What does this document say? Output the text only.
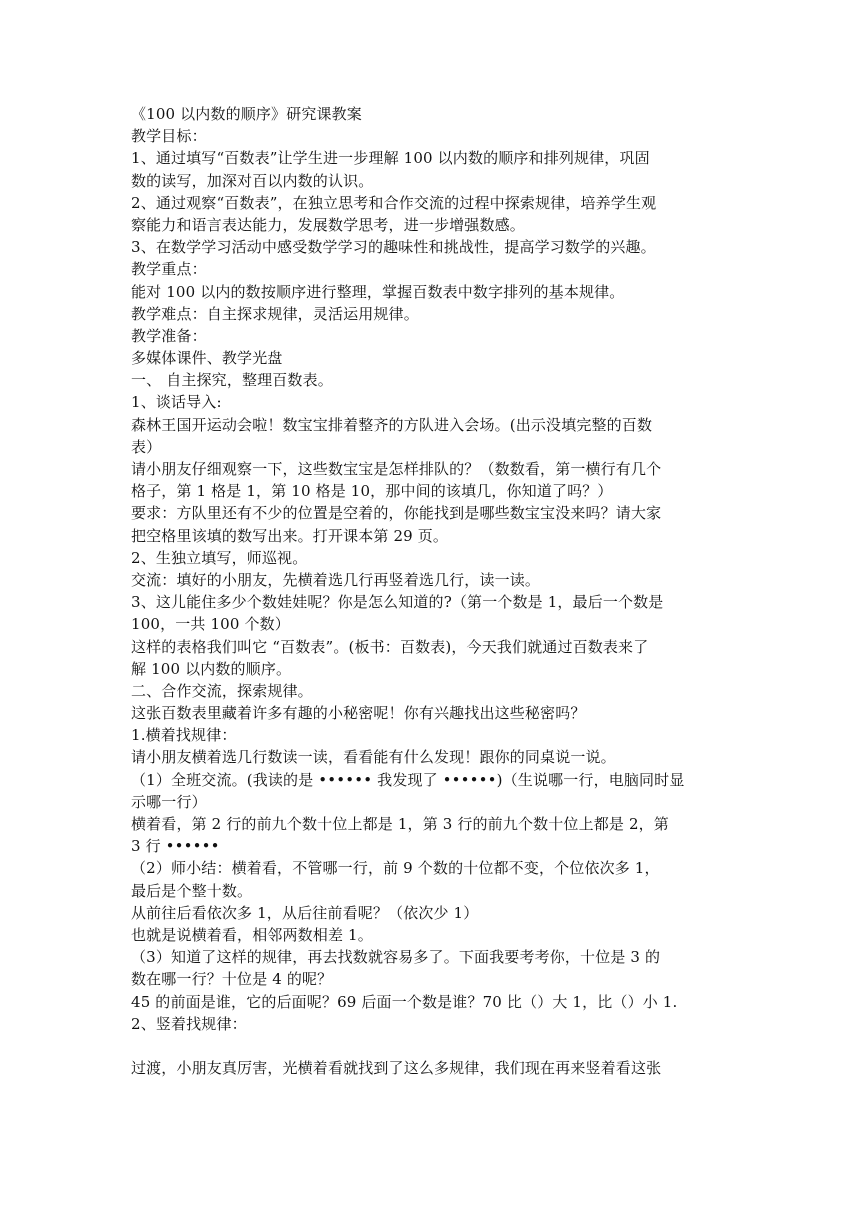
《100 以内数的顺序》研究课教案
教学目标：
1、通过填写“百数表”让学生进一步理解 100 以内数的顺序和排列规律，巩固
数的读写，加深对百以内数的认识。
2、通过观察“百数表”，在独立思考和合作交流的过程中探索规律，培养学生观
察能力和语言表达能力，发展数学思考，进一步增强数感。
3、在数学学习活动中感受数学学习的趣味性和挑战性，提高学习数学的兴趣。
教学重点：
能对 100 以内的数按顺序进行整理，掌握百数表中数字排列的基本规律。
教学难点：自主探求规律，灵活运用规律。
教学准备：
多媒体课件、教学光盘
一、 自主探究，整理百数表。
1、谈话导入:
森林王国开运动会啦！数宝宝排着整齐的方队进入会场。(出示没填完整的百数
表）
请小朋友仔细观察一下，这些数宝宝是怎样排队的？（数数看，第一横行有几个
格子，第 1 格是 1，第 10 格是 10，那中间的该填几，你知道了吗？）
要求：方队里还有不少的位置是空着的，你能找到是哪些数宝宝没来吗？请大家
把空格里该填的数写出来。打开课本第 29 页。
2、生独立填写，师巡视。
交流：填好的小朋友，先横着选几行再竖着选几行，读一读。
3、这儿能住多少个数娃娃呢？你是怎么知道的?（第一个数是 1，最后一个数是
100，一共 100 个数）
这样的表格我们叫它 “百数表”。(板书：百数表)，今天我们就通过百数表来了
解 100 以内数的顺序。
二、合作交流，探索规律。
这张百数表里藏着许多有趣的小秘密呢！你有兴趣找出这些秘密吗？
1.横着找规律：
请小朋友横着选几行数读一读，看看能有什么发现！跟你的同桌说一说。
（1）全班交流。(我读的是 •••••• 我发现了 ••••••)（生说哪一行，电脑同时显
示哪一行）
横着看，第 2 行的前九个数十位上都是 1，第 3 行的前九个数十位上都是 2，第
3 行 ••••••
（2）师小结：横着看，不管哪一行，前 9 个数的十位都不变，个位依次多 1，
最后是个整十数。
从前往后看依次多 1，从后往前看呢？（依次少 1）
也就是说横着看，相邻两数相差 1。
（3）知道了这样的规律，再去找数就容易多了。下面我要考考你，十位是 3 的
数在哪一行？十位是 4 的呢？
45 的前面是谁，它的后面呢？69 后面一个数是谁？70 比（）大 1，比（）小 1.
2、竖着找规律：
过渡，小朋友真厉害，光横着看就找到了这么多规律，我们现在再来竖着看这张
